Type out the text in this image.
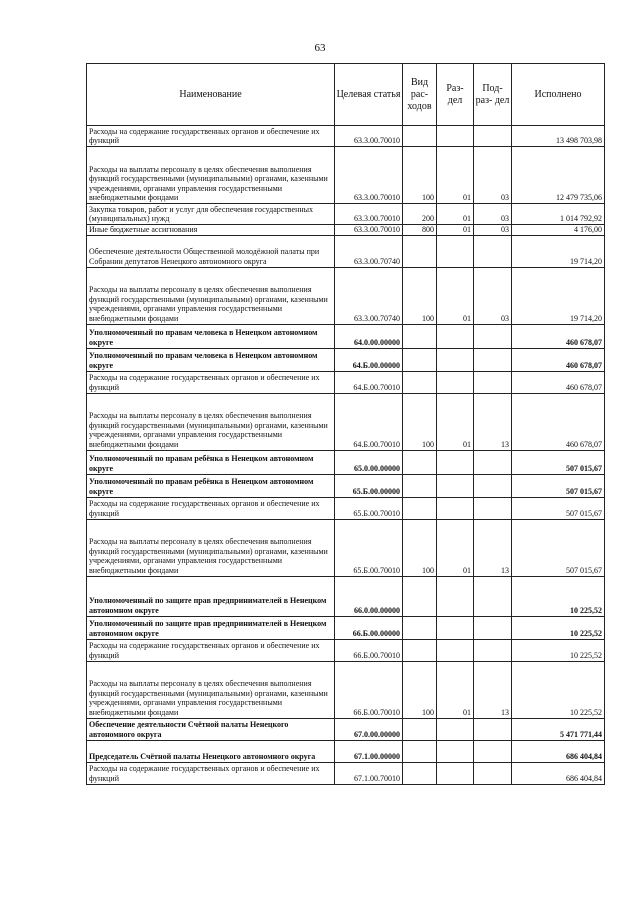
63
Наименование	Целевая статья	Вид рас- ходов	Раз- дел	Под- раз- дел	Исполнено
Расходы на содержание государственных органов и обеспечение их функций	63.3.00.70010				13 498 703,98
Расходы на выплаты персоналу в целях обеспечения выполнения функций государственными (муниципальными) органами, казенными учреждениями, органами управления государственными внебюджетными фондами	63.3.00.70010	100	01	03	12 479 735,06
Закупка товаров, работ и услуг для обеспечения государственных (муниципальных) нужд	63.3.00.70010	200	01	03	1 014 792,92
Иные бюджетные ассигнования	63.3.00.70010	800	01	03	4 176,00
Обеспечение деятельности Общественной молодёжной палаты при Собрании депутатов Ненецкого автономного округа	63.3.00.70740				19 714,20
Расходы на выплаты персоналу в целях обеспечения выполнения функций государственными (муниципальными) органами, казенными учреждениями, органами управления государственными внебюджетными фондами	63.3.00.70740	100	01	03	19 714,20
Уполномоченный по правам человека в Ненецком автономном округе	64.0.00.00000				460 678,07
Уполномоченный по правам человека в Ненецком автономном округе	64.Б.00.00000				460 678,07
Расходы на содержание государственных органов и обеспечение их функций	64.Б.00.70010				460 678,07
Расходы на выплаты персоналу в целях обеспечения выполнения функций государственными (муниципальными) органами, казенными учреждениями, органами управления государственными внебюджетными фондами	64.Б.00.70010	100	01	13	460 678,07
Уполномоченный по правам ребёнка в Ненецком автономном округе	65.0.00.00000				507 015,67
Уполномоченный по правам ребёнка в Ненецком автономном округе	65.Б.00.00000				507 015,67
Расходы на содержание государственных органов и обеспечение их функций	65.Б.00.70010				507 015,67
Расходы на выплаты персоналу в целях обеспечения выполнения функций государственными (муниципальными) органами, казенными учреждениями, органами управления государственными внебюджетными фондами	65.Б.00.70010	100	01	13	507 015,67
Уполномоченный по защите прав предпринимателей в Ненецком автономном округе	66.0.00.00000				10 225,52
Уполномоченный по защите прав предпринимателей в Ненецком автономном округе	66.Б.00.00000				10 225,52
Расходы на содержание государственных органов и обеспечение их функций	66.Б.00.70010				10 225,52
Расходы на выплаты персоналу в целях обеспечения выполнения функций государственными (муниципальными) органами, казенными учреждениями, органами управления государственными внебюджетными фондами	66.Б.00.70010	100	01	13	10 225,52
Обеспечение деятельности Счётной палаты Ненецкого автономного округа	67.0.00.00000				5 471 771,44
Председатель Счётной палаты Ненецкого автономного округа	67.1.00.00000				686 404,84
Расходы на содержание государственных органов и обеспечение их функций	67.1.00.70010				686 404,84
